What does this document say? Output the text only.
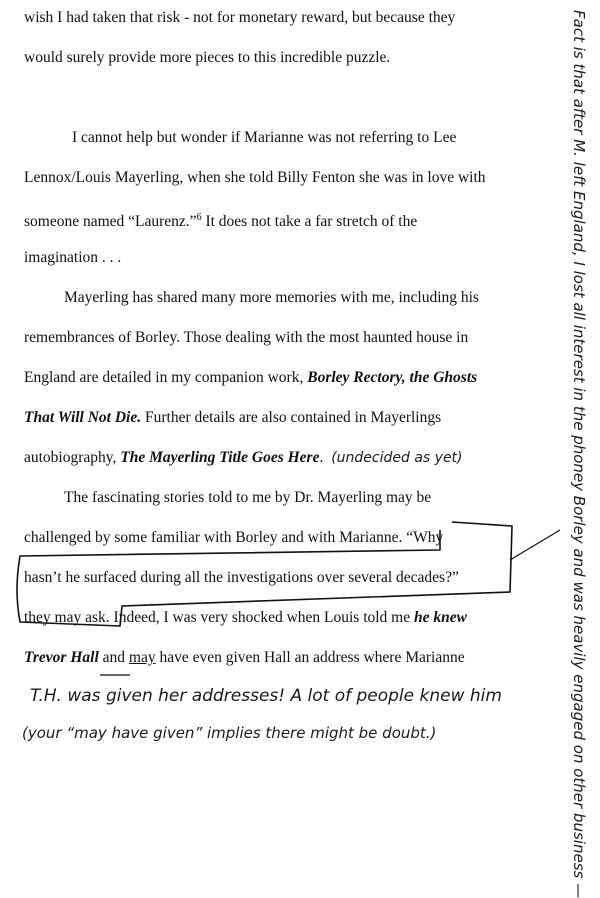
wish I had taken that risk - not for monetary reward, but because they
would surely provide more pieces to this incredible puzzle.
I cannot help but wonder if Marianne was not referring to Lee
Lennox/Louis Mayerling, when she told Billy Fenton she was in love with
someone named “Laurenz.”$^6$ It does not take a far stretch of the
imagination . . .
Mayerling has shared many more memories with me, including his
remembrances of Borley. Those dealing with the most haunted house in
England are detailed in my companion work, Borley Rectory, the Ghosts
That Will Not Die. Further details are also contained in Mayerlings
autobiography, The Mayerling Title Goes Here. (undecided as yet)
The fascinating stories told to me by Dr. Mayerling may be
challenged by some familiar with Borley and with Marianne. “Why
hasn’t he surfaced during all the investigations over several decades?”
they may ask. Indeed, I was very shocked when Louis told me he knew
Trevor Hall and may have even given Hall an address where Marianne
T.H. was given her addresses! A lot of people knew him
(your “may have given” implies there might be doubt.)	Fact is that after M. left England, I lost all interest in the phoney Borley and was heavily engaged on other business —
